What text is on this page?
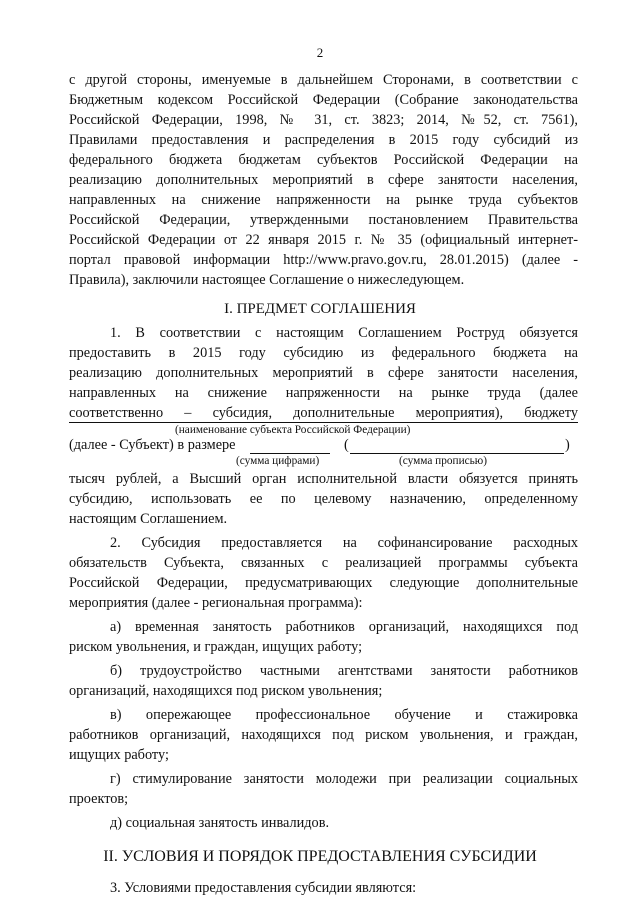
2
с другой стороны, именуемые в дальнейшем Сторонами, в соответствии с
Бюджетным кодексом Российской Федерации (Собрание законодательства
Российской Федерации, 1998, № 31, ст. 3823; 2014, №52, ст. 7561),
Правилами предоставления и распределения в 2015 году субсидий из
федерального бюджета бюджетам субъектов Российской Федерации на
реализацию дополнительных мероприятий в сфере занятости населения,
направленных на снижение напряженности на рынке труда субъектов
Российской Федерации, утвержденными постановлением Правительства
Российской Федерации от 22 января 2015 г. № 35 (официальный интернет-
портал правовой информации http://www.pravo.gov.ru, 28.01.2015) (далее -
Правила), заключили настоящее Соглашение о нижеследующем.
I. ПРЕДМЕТ СОГЛАШЕНИЯ
1. В соответствии с настоящим Соглашением Роструд обязуется
предоставить в 2015 году субсидию из федерального бюджета на
реализацию дополнительных мероприятий в сфере занятости населения,
направленных на снижение напряженности на рынке труда (далее
соответственно – субсидия, дополнительные мероприятия), бюджету
(наименование субъекта Российской Федерации)
(далее - Субъект) в размере	(	)
(сумма цифрами)	(сумма прописью)
тысяч рублей, а Высший орган исполнительной власти обязуется принять
субсидию, использовать ее по целевому назначению, определенному
настоящим Соглашением.
2. Субсидия предоставляется на софинансирование расходных
обязательств Субъекта, связанных с реализацией программы субъекта
Российской Федерации, предусматривающих следующие дополнительные
мероприятия (далее - региональная программа):
а) временная занятость работников организаций, находящихся под
риском увольнения, и граждан, ищущих работу;
б) трудоустройство частными агентствами занятости работников
организаций, находящихся под риском увольнения;
в) опережающее профессиональное обучение и стажировка
работников организаций, находящихся под риском увольнения, и граждан,
ищущих работу;
г) стимулирование занятости молодежи при реализации социальных
проектов;
д) социальная занятость инвалидов.
II. УСЛОВИЯ И ПОРЯДОК ПРЕДОСТАВЛЕНИЯ СУБСИДИИ
3. Условиями предоставления субсидии являются:
